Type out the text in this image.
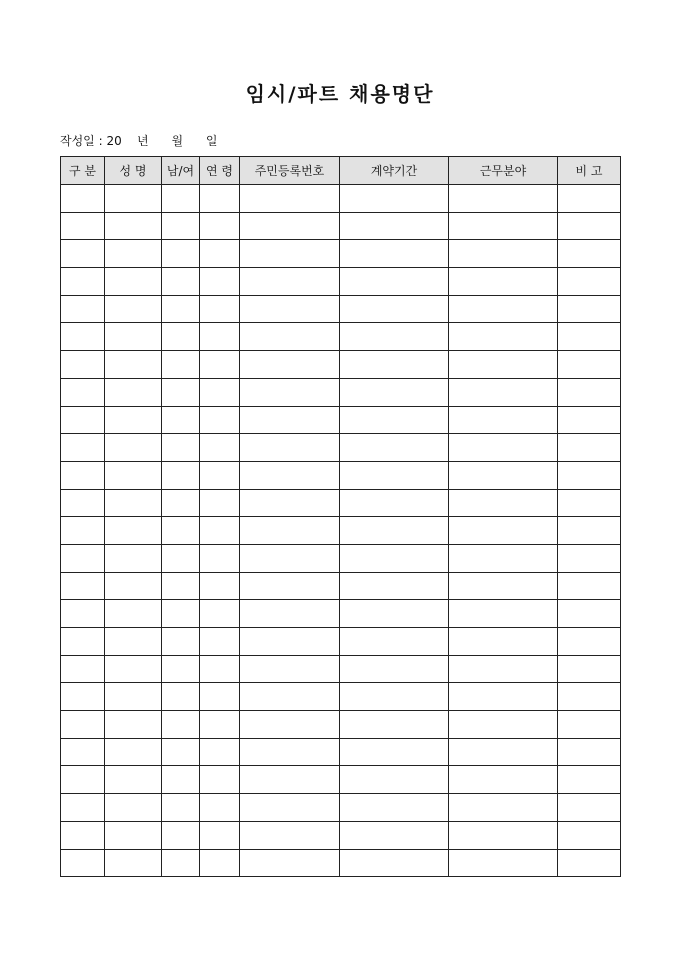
임시/파트 채용명단
작성일 : 20    년      월      일
구 분	성 명	남/여	연 령	주민등록번호	계약기간	근무분야	비 고
